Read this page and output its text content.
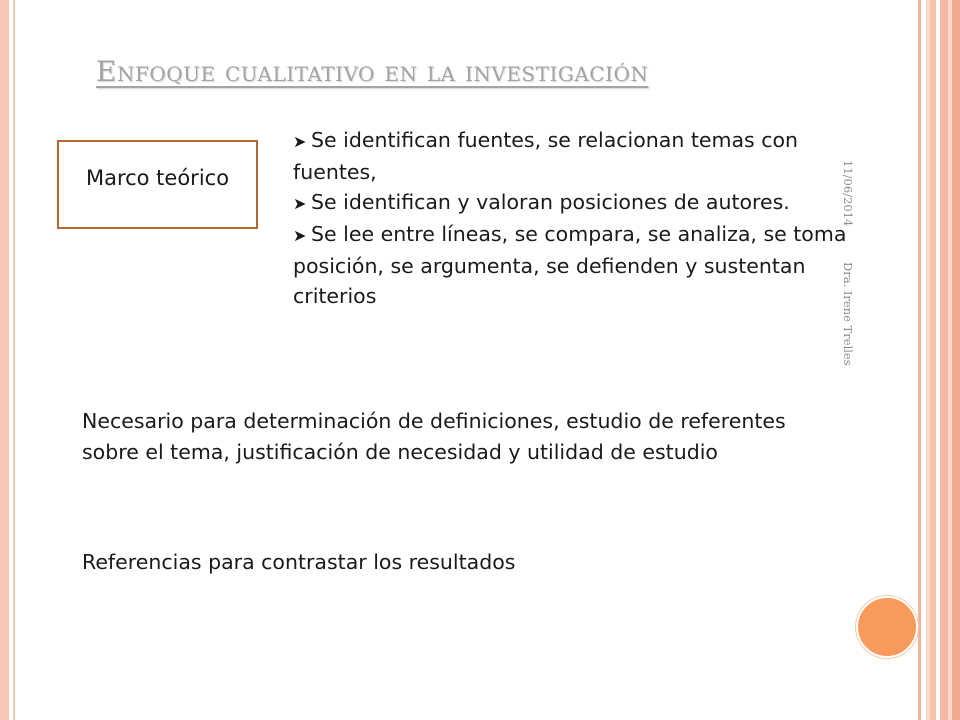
Enfoque cualitativo en la investigación
Marco teórico

➤ Se identifican fuentes, se relacionan temas con fuentes,

➤ Se identifican y valoran posiciones de autores.

➤ Se lee entre líneas, se compara, se analiza, se toma posición, se argumenta, se defienden y sustentan criterios

11/06/2014
Dra. Irene Trelles
Necesario para determinación de definiciones, estudio de referentes sobre el tema, justificación de necesidad y utilidad de estudio
Referencias para contrastar los resultados
